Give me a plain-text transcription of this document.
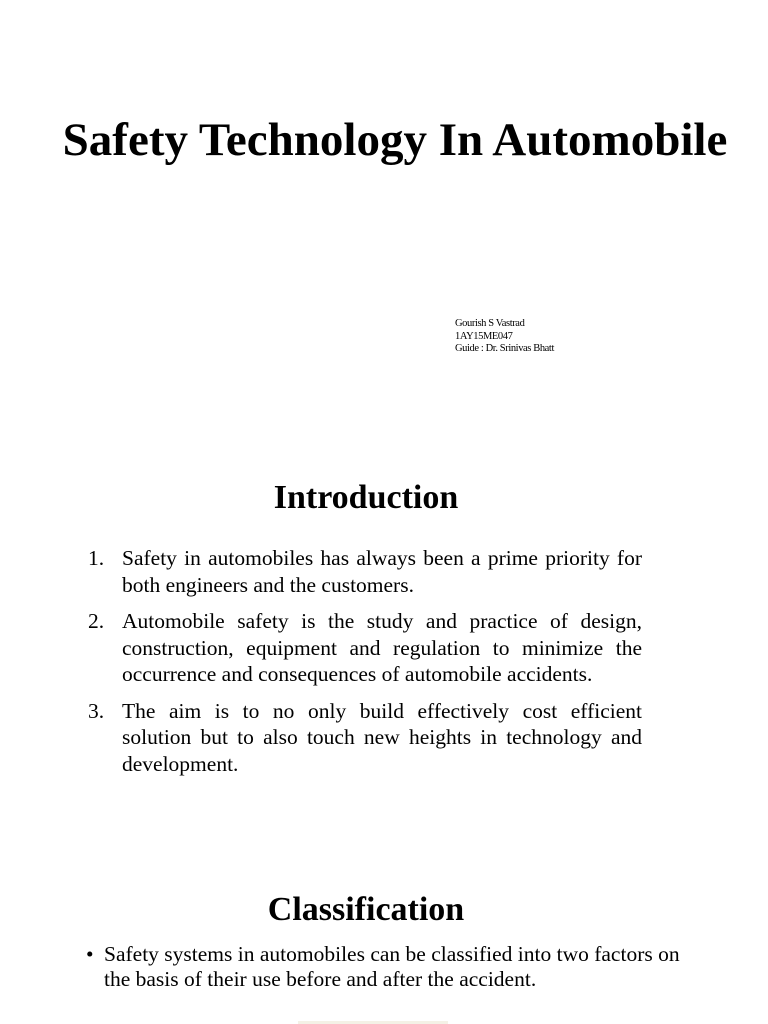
Safety Technology In Automobile
Gourish S Vastrad
1AY15ME047
Guide : Dr. Srinivas Bhatt
Introduction
1. Safety in automobiles has always been a prime priority for both engineers and the customers.
2. Automobile safety is the study and practice of design, construction, equipment and regulation to minimize the occurrence and consequences of automobile accidents.
3. The aim is to no only build effectively cost efficient solution but to also touch new heights in technology and development.
Classification
• Safety systems in automobiles can be classified into two factors on the basis of their use before and after the accident.
